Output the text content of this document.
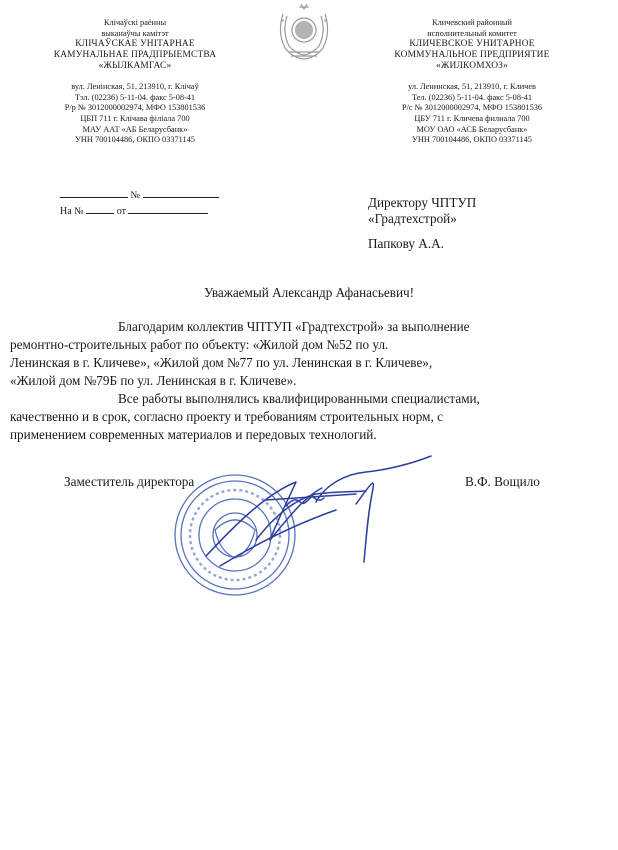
Клічаўскі раённы
выканаўчы камітэт
КЛІЧАЎСКАЕ УНІТАРНАЕ
КАМУНАЛЬНАЕ ПРАДПРЫЕМСТВА
«ЖЫЛКАМГАС»
вул. Ленінская, 51, 213910, г. Клічаў
Тэл. (02236) 5-11-04. факс 5-08-41
Р/р № 3012000002974, МФО 153801536
ЦБП 711 г. Клічава філіала 700
МАУ ААТ «АБ Беларусбанк»
УНН 700104486, ОКПО 03371145
Кличевский районный
исполнительный комитет
КЛИЧЕВСКОЕ УНИТАРНОЕ
КОММУНАЛЬНОЕ ПРЕДПРИЯТИЕ
«ЖИЛКОМХОЗ»
ул. Ленинская, 51, 213910, г. Кличев
Тел. (02236) 5-11-04. факс 5-08-41
Р/с № 3012000002974, МФО 153801536
ЦБУ 711 г. Кличева филиала 700
МОУ ОАО «АСБ Беларусбанк»
УНН 700104486, ОКПО 03371145
№
На №	от
Директору ЧПТУП
«Градтехстрой»
Папкову А.А.
Уважаемый Александр Афанасьевич!
Благодарим коллектив ЧПТУП «Градтехстрой» за выполнение
ремонтно-строительных работ по объекту: «Жилой дом №52 по ул.
Ленинская в г. Кличеве», «Жилой дом №77 по ул. Ленинская в г. Кличеве»,
«Жилой дом №79Б по ул. Ленинская в г. Кличеве».
Все работы выполнялись квалифицированными специалистами,
качественно и в срок, согласно проекту и требованиям строительных норм, с
применением современных материалов и передовых технологий.
Заместитель директора	В.Ф. Вощило
